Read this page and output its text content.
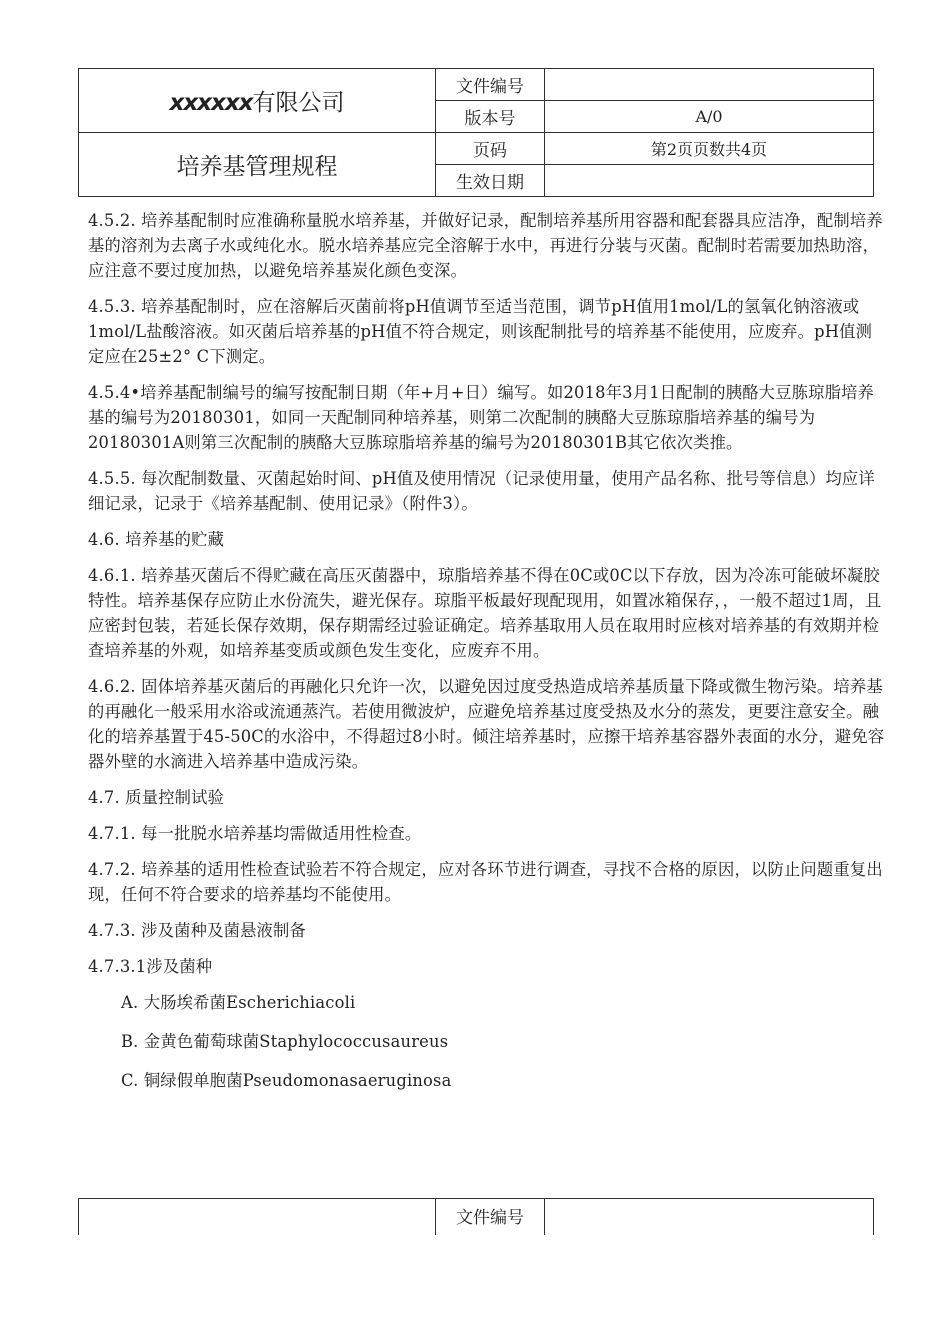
xxxxxx有限公司	文件编号	
	版本号	A/0
培养基管理规程	页码	第2页页数共4页
	生效日期	

4.5.2. 培养基配制时应准确称量脱水培养基，并做好记录，配制培养基所用容器和配套器具应洁净，配制培养基的溶剂为去离子水或纯化水。脱水培养基应完全溶解于水中，再进行分装与灭菌。配制时若需要加热助溶，应注意不要过度加热，以避免培养基炭化颜色变深。

4.5.3. 培养基配制时，应在溶解后灭菌前将pH值调节至适当范围，调节pH值用1mol/L的氢氧化钠溶液或1mol/L盐酸溶液。如灭菌后培养基的pH值不符合规定，则该配制批号的培养基不能使用，应废弃。pH值测定应在25±2° C下测定。

4.5.4•培养基配制编号的编写按配制日期（年+月+日）编写。如2018年3月1日配制的胰酪大豆胨琼脂培养基的编号为20180301，如同一天配制同种培养基，则第二次配制的胰酪大豆胨琼脂培养基的编号为20180301A则第三次配制的胰酪大豆胨琼脂培养基的编号为20180301B其它依次类推。

4.5.5. 每次配制数量、灭菌起始时间、pH值及使用情况（记录使用量，使用产品名称、批号等信息）均应详细记录，记录于《培养基配制、使用记录》（附件3）。

4.6. 培养基的贮藏

4.6.1. 培养基灭菌后不得贮藏在高压灭菌器中，琼脂培养基不得在0C或0C以下存放，因为冷冻可能破坏凝胶特性。培养基保存应防止水份流失，避光保存。琼脂平板最好现配现用，如置冰箱保存，，一般不超过1周，且应密封包装，若延长保存效期，保存期需经过验证确定。培养基取用人员在取用时应核对培养基的有效期并检查培养基的外观，如培养基变质或颜色发生变化，应废弃不用。

4.6.2. 固体培养基灭菌后的再融化只允许一次，以避免因过度受热造成培养基质量下降或微生物污染。培养基的再融化一般采用水浴或流通蒸汽。若使用微波炉，应避免培养基过度受热及水分的蒸发，更要注意安全。融化的培养基置于45-50C的水浴中，不得超过8小时。倾注培养基时，应擦干培养基容器外表面的水分，避免容器外壁的水滴进入培养基中造成污染。

4.7. 质量控制试验

4.7.1. 每一批脱水培养基均需做适用性检查。

4.7.2. 培养基的适用性检查试验若不符合规定，应对各环节进行调查，寻找不合格的原因，以防止问题重复出现，任何不符合要求的培养基均不能使用。

4.7.3. 涉及菌种及菌悬液制备

4.7.3.1涉及菌种

A. 大肠埃希菌Escherichiacoli

B. 金黄色葡萄球菌Staphylococcusaureus

C. 铜绿假单胞菌Pseudomonasaeruginosa

	文件编号	
